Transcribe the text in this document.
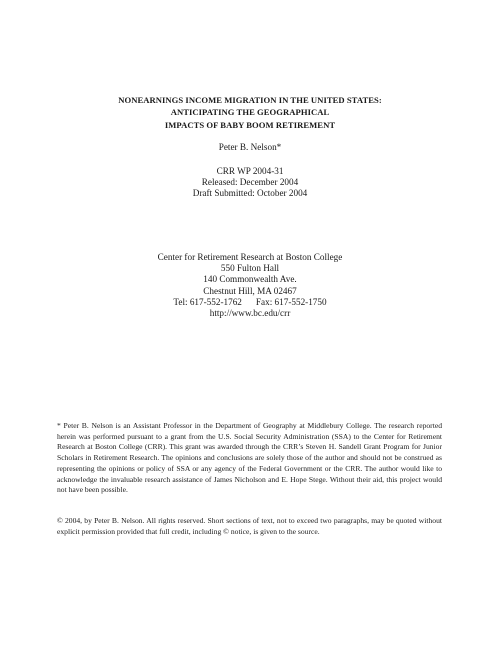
NONEARNINGS INCOME MIGRATION IN THE UNITED STATES:
ANTICIPATING THE GEOGRAPHICAL
IMPACTS OF BABY BOOM RETIREMENT
Peter B. Nelson*
CRR WP 2004-31
Released: December 2004
Draft Submitted: October 2004
Center for Retirement Research at Boston College
550 Fulton Hall
140 Commonwealth Ave.
Chestnut Hill, MA 02467
Tel: 617-552-1762 Fax: 617-552-1750
http://www.bc.edu/crr

* Peter B. Nelson is an Assistant Professor in the Department of Geography at Middlebury College. The research reported herein was performed pursuant to a grant from the U.S. Social Security Administration (SSA) to the Center for Retirement Research at Boston College (CRR). This grant was awarded through the CRR’s Steven H. Sandell Grant Program for Junior Scholars in Retirement Research. The opinions and conclusions are solely those of the author and should not be construed as representing the opinions or policy of SSA or any agency of the Federal Government or the CRR. The author would like to acknowledge the invaluable research assistance of James Nicholson and E. Hope Stege. Without their aid, this project would not have been possible.

© 2004, by Peter B. Nelson. All rights reserved. Short sections of text, not to exceed two paragraphs, may be quoted without explicit permission provided that full credit, including © notice, is given to the source.
